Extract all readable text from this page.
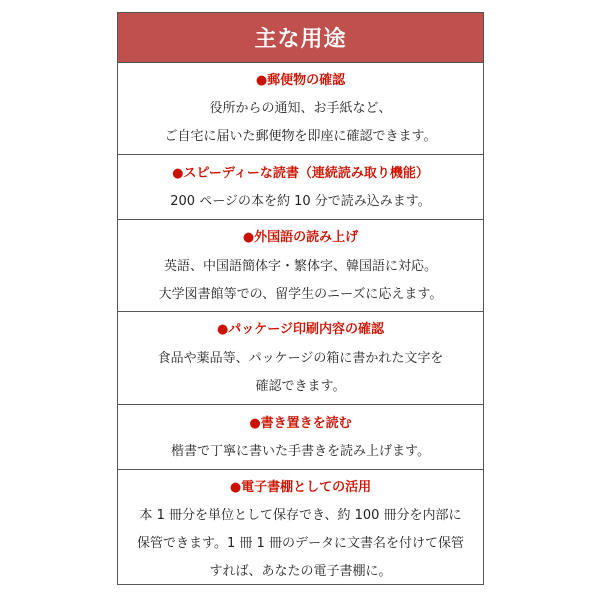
主な用途
●郵便物の確認
役所からの通知、お手紙など、
ご自宅に届いた郵便物を即座に確認できます。
●スピーディーな読書（連続読み取り機能）
200 ページの本を約 10 分で読み込みます。
●外国語の読み上げ
英語、中国語簡体字・繁体字、韓国語に対応。
大学図書館等での、留学生のニーズに応えます。
●パッケージ印刷内容の確認
食品や薬品等、パッケージの箱に書かれた文字を
確認できます。
●書き置きを読む
楷書で丁寧に書いた手書きを読み上げます。
●電子書棚としての活用
本 1 冊分を単位として保存でき、約 100 冊分を内部に
保管できます。1 冊 1 冊のデータに文書名を付けて保管
すれば、あなたの電子書棚に。
